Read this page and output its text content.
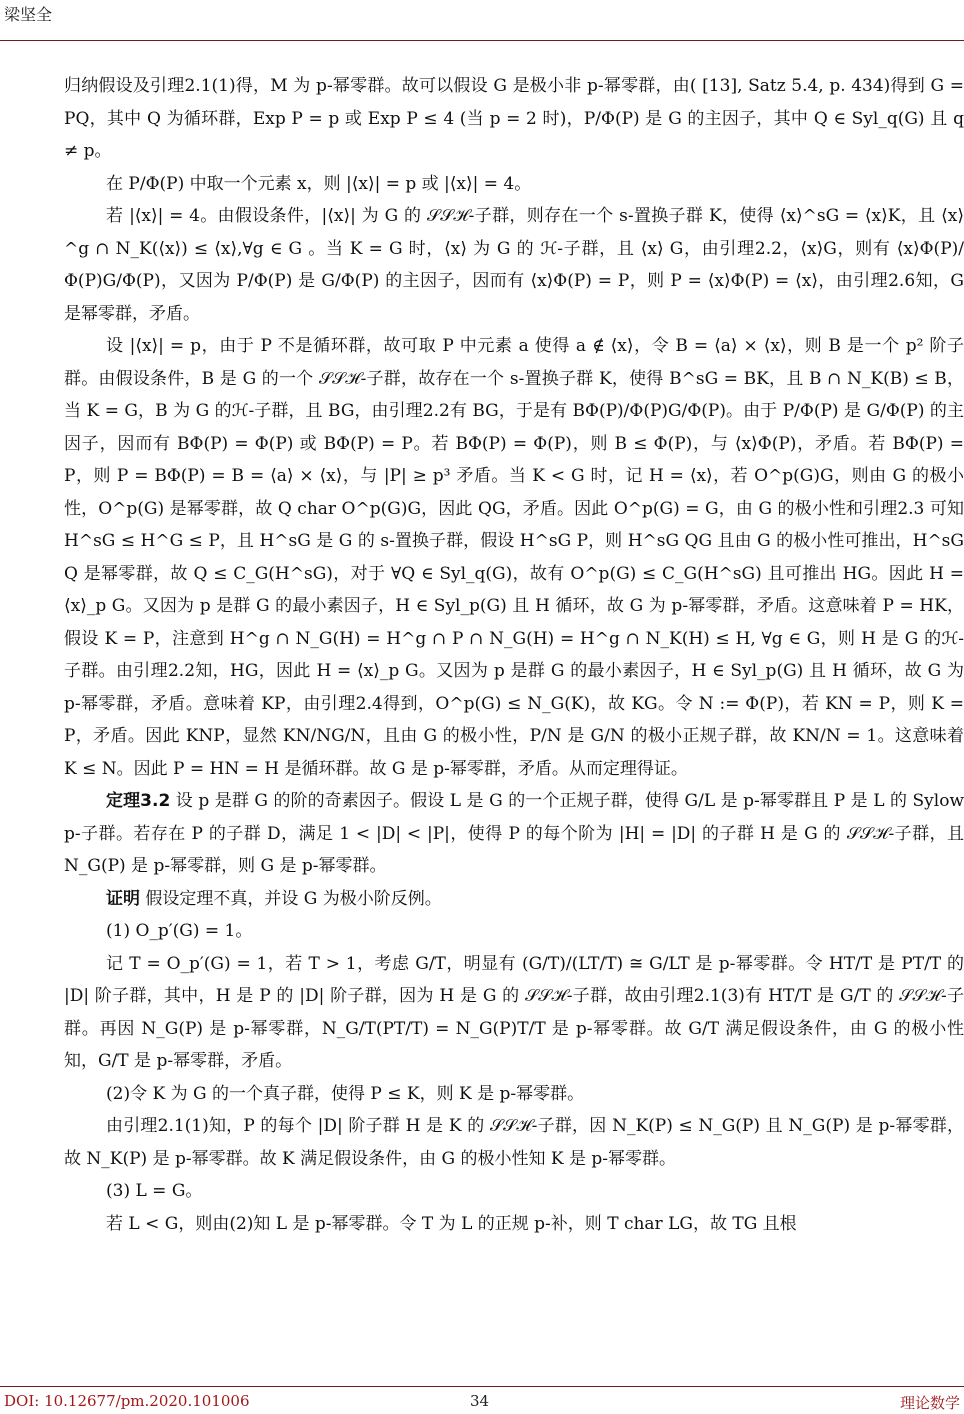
梁坚全

归纳假设及引理2.1(1)得，M 为 p-幂零群。故可以假设 G 是极小非 p-幂零群，由( [13], Satz 5.4, p. 434)得到 G = PQ，其中 Q 为循环群，Exp P = p 或 Exp P ≤ 4 (当 p = 2 时)，P/Φ(P) 是 G 的主因子，其中 Q ∈ Syl_q(G) 且 q ≠ p。

在 P/Φ(P) 中取一个元素 x，则 |⟨x⟩| = p 或 |⟨x⟩| = 4。

若 |⟨x⟩| = 4。由假设条件，|⟨x⟩| 为 G 的 𝒮𝒮ℋ-子群，则存在一个 s-置换子群 K，使得 ⟨x⟩^sG = ⟨x⟩K，且 ⟨x⟩^g ∩ N_K(⟨x⟩) ≤ ⟨x⟩,∀g ∈ G 。当 K = G 时，⟨x⟩ 为 G 的 ℋ-子群，且 ⟨x⟩ G，由引理2.2，⟨x⟩G，则有 ⟨x⟩Φ(P)/Φ(P)G/Φ(P)，又因为 P/Φ(P) 是 G/Φ(P) 的主因子，因而有 ⟨x⟩Φ(P) = P，则 P = ⟨x⟩Φ(P) = ⟨x⟩，由引理2.6知，G 是幂零群，矛盾。

设 |⟨x⟩| = p，由于 P 不是循环群，故可取 P 中元素 a 使得 a ∉ ⟨x⟩，令 B = ⟨a⟩ × ⟨x⟩，则 B 是一个 p² 阶子群。由假设条件，B 是 G 的一个 𝒮𝒮ℋ-子群，故存在一个 s-置换子群 K，使得 B^sG = BK，且 B ∩ N_K(B) ≤ B，当 K = G，B 为 G 的ℋ-子群，且 BG，由引理2.2有 BG，于是有 BΦ(P)/Φ(P)G/Φ(P)。由于 P/Φ(P) 是 G/Φ(P) 的主因子，因而有 BΦ(P) = Φ(P) 或 BΦ(P) = P。若 BΦ(P) = Φ(P)，则 B ≤ Φ(P)，与 ⟨x⟩Φ(P)，矛盾。若 BΦ(P) = P，则 P = BΦ(P) = B = ⟨a⟩ × ⟨x⟩，与 |P| ≥ p³ 矛盾。当 K < G 时，记 H = ⟨x⟩，若 O^p(G)G，则由 G 的极小性，O^p(G) 是幂零群，故 Q char O^p(G)G，因此 QG，矛盾。因此 O^p(G) = G，由 G 的极小性和引理2.3 可知 H^sG ≤ H^G ≤ P，且 H^sG 是 G 的 s-置换子群，假设 H^sG P，则 H^sG QG 且由 G 的极小性可推出，H^sG Q 是幂零群，故 Q ≤ C_G(H^sG)，对于 ∀Q ∈ Syl_q(G)，故有 O^p(G) ≤ C_G(H^sG) 且可推出 HG。因此 H = ⟨x⟩_p G。又因为 p 是群 G 的最小素因子，H ∈ Syl_p(G) 且 H 循环，故 G 为 p-幂零群，矛盾。这意味着 P = HK，假设 K = P，注意到 H^g ∩ N_G(H) = H^g ∩ P ∩ N_G(H) = H^g ∩ N_K(H) ≤ H, ∀g ∈ G，则 H 是 G 的ℋ-子群。由引理2.2知，HG，因此 H = ⟨x⟩_p G。又因为 p 是群 G 的最小素因子，H ∈ Syl_p(G) 且 H 循环，故 G 为 p-幂零群，矛盾。意味着 KP，由引理2.4得到，O^p(G) ≤ N_G(K)，故 KG。令 N := Φ(P)，若 KN = P，则 K = P，矛盾。因此 KNP，显然 KN/NG/N，且由 G 的极小性，P/N 是 G/N 的极小正规子群，故 KN/N = 1。这意味着 K ≤ N。因此 P = HN = H 是循环群。故 G 是 p-幂零群，矛盾。从而定理得证。

定理3.2 设 p 是群 G 的阶的奇素因子。假设 L 是 G 的一个正规子群，使得 G/L 是 p-幂零群且 P 是 L 的 Sylow p-子群。若存在 P 的子群 D，满足 1 < |D| < |P|，使得 P 的每个阶为 |H| = |D| 的子群 H 是 G 的 𝒮𝒮ℋ-子群，且 N_G(P) 是 p-幂零群，则 G 是 p-幂零群。

证明 假设定理不真，并设 G 为极小阶反例。

(1) O_p′(G) = 1。

记 T = O_p′(G) = 1，若 T > 1，考虑 G/T，明显有 (G/T)/(LT/T) ≅ G/LT 是 p-幂零群。令 HT/T 是 PT/T 的 |D| 阶子群，其中，H 是 P 的 |D| 阶子群，因为 H 是 G 的 𝒮𝒮ℋ-子群，故由引理2.1(3)有 HT/T 是 G/T 的 𝒮𝒮ℋ-子群。再因 N_G(P) 是 p-幂零群，N_G/T(PT/T) = N_G(P)T/T 是 p-幂零群。故 G/T 满足假设条件，由 G 的极小性知，G/T 是 p-幂零群，矛盾。

(2)令 K 为 G 的一个真子群，使得 P ≤ K，则 K 是 p-幂零群。

由引理2.1(1)知，P 的每个 |D| 阶子群 H 是 K 的 𝒮𝒮ℋ-子群，因 N_K(P) ≤ N_G(P) 且 N_G(P) 是 p-幂零群，故 N_K(P) 是 p-幂零群。故 K 满足假设条件，由 G 的极小性知 K 是 p-幂零群。

(3) L = G。

若 L < G，则由(2)知 L 是 p-幂零群。令 T 为 L 的正规 p-补，则 T char LG，故 TG 且根

DOI: 10.12677/pm.2020.101006	34	理论数学
